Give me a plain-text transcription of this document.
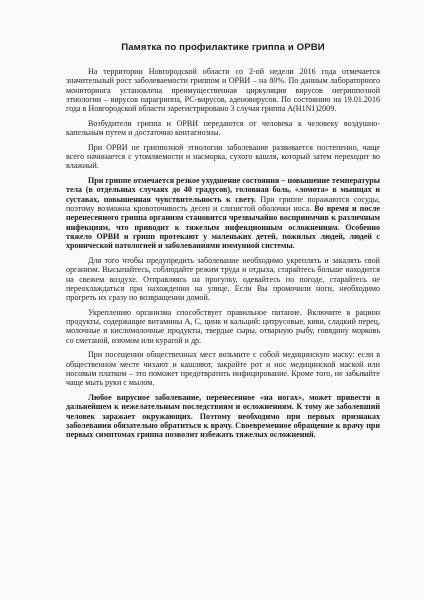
Памятка по профилактике гриппа и ОРВИ

На территории Новгородской области со 2-ой недели 2016 года отмечается значительный рост заболеваемости гриппом и ОРВИ – на 80%. По данным лабораторного мониторинга установлена преимущественная циркуляция вирусов негриппозной этиологии – вирусов парагриппа, РС-вирусов, аденовирусов. По состоянию на 19.01.2016 года в Новгородской области зарегистрировано 3 случая гриппа А(H1N1)2009.

Возбудители гриппа и ОРВИ передаются от человека к человеку воздушно-капельным путем и достаточно контагиозны.

При ОРВИ не гриппозной этиологии заболевание развивается постепенно, чаще всего начинается с утомляемости и насморка, сухого кашля, который затем переходит во влажный.

При гриппе отмечается резкое ухудшение состояния – повышение температуры тела (в отдельных случаях до 40 градусов), головная боль, «ломота» в мышцах и суставах, повышенная чувствительность к свету. При гриппе поражаются сосуды, поэтому возможна кровоточивость десен и слизистой оболочки носа. Во время и после перенесенного гриппа организм становится чрезвычайно восприимчив к различным инфекциям, что приводит к тяжелым инфекционным осложнениям. Особенно тяжело ОРВИ и грипп протекают у маленьких детей, пожилых людей, людей с хронической патологией и заболеваниями иммунной системы.

Для того чтобы предупредить заболевание необходимо укреплять и закалять свой организм. Высыпайтесь, соблюдайте режим труда и отдыха, старайтесь больше находится на свежем воздухе. Отправляясь на прогулку, одевайтесь по погоде, старайтесь не переохлаждаться при нахождении на улице. Если Вы промочили ноги, необходимо прогреть их сразу по возвращении домой.

Укреплению организма способствует правильное питание. Включите в рацион продукты, содержащие витамины А, С, цинк и кальций: цитрусовые, киви, сладкий перец, молочные и кисломолочные продукты, твердые сыры, отварную рыбу, говядину морковь со сметаной, изюмом или курагой и др.

При посещении общественных мест возьмите с собой медицинскую маску: если в общественном месте чихают и кашляют, закройте рот и нос медицинской маской или носовым платком – это поможет предотвратить инфицирование. Кроме того, не забывайте чаще мыть руки с мылом.

Любое вирусное заболевание, перенесенное «на ногах», может привести в дальнейшем к нежелательным последствиям и осложнениям. К тому же заболевший человек заражает окружающих. Поэтому необходимо при первых признаках заболевания обязательно обратиться к врачу. Своевременное обращение к врачу при первых симптомах гриппа позволит избежать тяжелых осложнений.
